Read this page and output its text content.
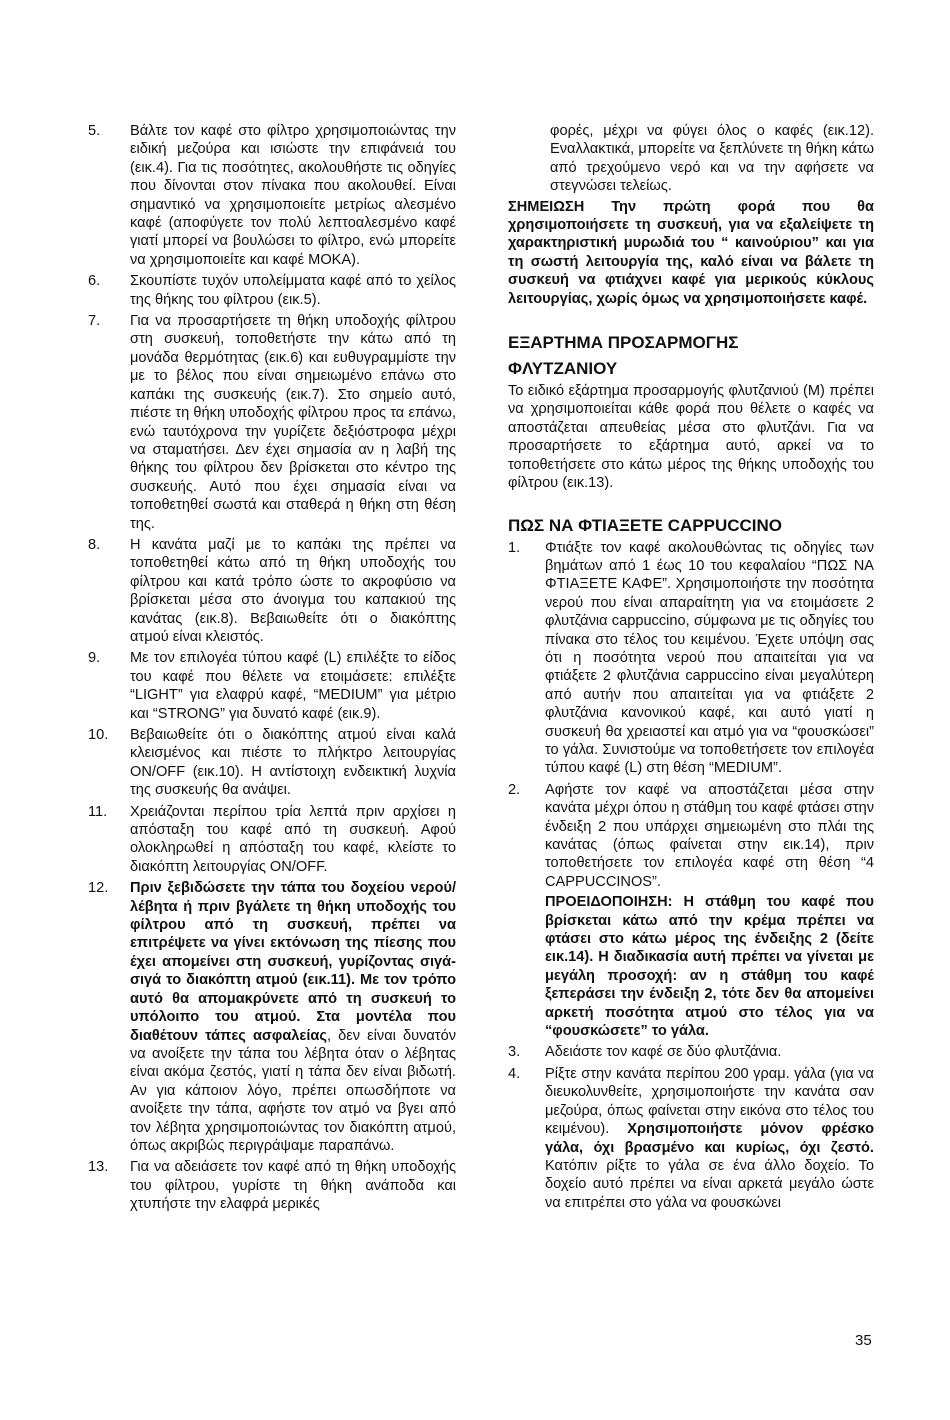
5. Βάλτε τον καφέ στο φίλτρο χρησιμοποιώντας την ειδική μεζούρα και ισιώστε την επιφάνειά του (εικ.4). Για τις ποσότητες, ακολουθήστε τις οδηγίες που δίνονται στον πίνακα που ακολουθεί. Είναι σημαντικό να χρησιμοποιείτε μετρίως αλεσμένο καφέ (αποφύγετε τον πολύ λεπτοαλεσμένο καφέ γιατί μπορεί να βουλώσει το φίλτρο, ενώ μπορείτε να χρησιμοποιείτε και καφέ MOKA).
6. Σκουπίστε τυχόν υπολείμματα καφέ από το χείλος της θήκης του φίλτρου (εικ.5).
7. Για να προσαρτήσετε τη θήκη υποδοχής φίλτρου στη συσκευή, τοποθετήστε την κάτω από τη μονάδα θερμότητας (εικ.6) και ευθυγραμμίστε την με το βέλος που είναι σημειωμένο επάνω στο καπάκι της συσκευής (εικ.7). Στο σημείο αυτό, πιέστε τη θήκη υποδοχής φίλτρου προς τα επάνω, ενώ ταυτόχρονα την γυρίζετε δεξιόστροφα μέχρι να σταματήσει. Δεν έχει σημασία αν η λαβή της θήκης του φίλτρου δεν βρίσκεται στο κέντρο της συσκευής. Αυτό που έχει σημασία είναι να τοποθετηθεί σωστά και σταθερά η θήκη στη θέση της.
8. Η κανάτα μαζί με το καπάκι της πρέπει να τοποθετηθεί κάτω από τη θήκη υποδοχής του φίλτρου και κατά τρόπο ώστε το ακροφύσιο να βρίσκεται μέσα στο άνοιγμα του καπακιού της κανάτας (εικ.8). Βεβαιωθείτε ότι ο διακόπτης ατμού είναι κλειστός.
9. Με τον επιλογέα τύπου καφέ (L) επιλέξτε το είδος του καφέ που θέλετε να ετοιμάσετε: επιλέξτε “LIGHT” για ελαφρύ καφέ, “MEDIUM” για μέτριο και “STRONG” για δυνατό καφέ (εικ.9).
10. Βεβαιωθείτε ότι ο διακόπτης ατμού είναι καλά κλεισμένος και πιέστε το πλήκτρο λειτουργίας ON/OFF (εικ.10). Η αντίστοιχη ενδεικτική λυχνία της συσκευής θα ανάψει.
11. Χρειάζονται περίπου τρία λεπτά πριν αρχίσει η απόσταξη του καφέ από τη συσκευή. Αφού ολοκληρωθεί η απόσταξη του καφέ, κλείστε το διακόπτη λειτουργίας ON/OFF.
12. Πριν ξεβιδώσετε την τάπα του δοχείου νερού/λέβητα ή πριν βγάλετε τη θήκη υποδοχής του φίλτρου από τη συσκευή, πρέπει να επιτρέψετε να γίνει εκτόνωση της πίεσης που έχει απομείνει στη συσκευή, γυρίζοντας σιγά-σιγά το διακόπτη ατμού (εικ.11). Με τον τρόπο αυτό θα απομακρύνετε από τη συσκευή το υπόλοιπο του ατμού. Στα μοντέλα που διαθέτουν τάπες ασφαλείας, δεν είναι δυνατόν να ανοίξετε την τάπα του λέβητα όταν ο λέβητας είναι ακόμα ζεστός, γιατί η τάπα δεν είναι βιδωτή. Αν για κάποιον λόγο, πρέπει οπωσδήποτε να ανοίξετε την τάπα, αφήστε τον ατμό να βγει από τον λέβητα χρησιμοποιώντας τον διακόπτη ατμού, όπως ακριβώς περιγράψαμε παραπάνω.
13. Για να αδειάσετε τον καφέ από τη θήκη υποδοχής του φίλτρου, γυρίστε τη θήκη ανάποδα και χτυπήστε την ελαφρά μερικές

φορές, μέχρι να φύγει όλος ο καφές (εικ.12). Εναλλακτικά, μπορείτε να ξεπλύνετε τη θήκη κάτω από τρεχούμενο νερό και να την αφήσετε να στεγνώσει τελείως.

ΣΗΜΕΙΩΣΗ Την πρώτη φορά που θα χρησιμοποιήσετε τη συσκευή, για να εξαλείψετε τη χαρακτηριστική μυρωδιά του “ καινούριου” και για τη σωστή λειτουργία της, καλό είναι να βάλετε τη συσκευή να φτιάχνει καφέ για μερικούς κύκλους λειτουργίας, χωρίς όμως να χρησιμοποιήσετε καφέ.

ΕΞΑΡΤΗΜΑ ΠΡΟΣΑΡΜΟΓΗΣ
ΦΛΥΤΖΑΝΙΟΥ

Το ειδικό εξάρτημα προσαρμογής φλυτζανιού (M) πρέπει να χρησιμοποιείται κάθε φορά που θέλετε ο καφές να αποστάζεται απευθείας μέσα στο φλυτζάνι. Για να προσαρτήσετε το εξάρτημα αυτό, αρκεί να το τοποθετήσετε στο κάτω μέρος της θήκης υποδοχής του φίλτρου (εικ.13).

ΠΩΣ ΝΑ ΦΤΙΑΞΕΤΕ CAPPUCCINO
1. Φτιάξτε τον καφέ ακολουθώντας τις οδηγίες των βημάτων από 1 έως 10 του κεφαλαίου “ΠΩΣ ΝΑ ΦΤΙΑΞΕΤΕ ΚΑΦΕ”. Χρησιμοποιήστε την ποσότητα νερού που είναι απαραίτητη για να ετοιμάσετε 2 φλυτζάνια cappuccino, σύμφωνα με τις οδηγίες του πίνακα στο τέλος του κειμένου. Έχετε υπόψη σας ότι η ποσότητα νερού που απαιτείται για να φτιάξετε 2 φλυτζάνια cappuccino είναι μεγαλύτερη από αυτήν που απαιτείται για να φτιάξετε 2 φλυτζάνια κανονικού καφέ, και αυτό γιατί η συσκευή θα χρειαστεί και ατμό για να “φουσκώσει” το γάλα. Συνιστούμε να τοποθετήσετε τον επιλογέα τύπου καφέ (L) στη θέση “MEDIUM”.
2. Αφήστε τον καφέ να αποστάζεται μέσα στην κανάτα μέχρι όπου η στάθμη του καφέ φτάσει στην ένδειξη 2 που υπάρχει σημειωμένη στο πλάι της κανάτας (όπως φαίνεται στην εικ.14), πριν τοποθετήσετε τον επιλογέα καφέ στη θέση “4 CAPPUCCINOS”.
ΠΡΟΕΙΔΟΠΟΙΗΣΗ: Η στάθμη του καφέ που βρίσκεται κάτω από την κρέμα πρέπει να φτάσει στο κάτω μέρος της ένδειξης 2 (δείτε εικ.14). Η διαδικασία αυτή πρέπει να γίνεται με μεγάλη προσοχή: αν η στάθμη του καφέ ξεπεράσει την ένδειξη 2, τότε δεν θα απομείνει αρκετή ποσότητα ατμού στο τέλος για να “φουσκώσετε” το γάλα.
3. Αδειάστε τον καφέ σε δύο φλυτζάνια.
4. Ρίξτε στην κανάτα περίπου 200 γραμ. γάλα (για να διευκολυνθείτε, χρησιμοποιήστε την κανάτα σαν μεζούρα, όπως φαίνεται στην εικόνα στο τέλος του κειμένου). Χρησιμοποιήστε μόνον φρέσκο γάλα, όχι βρασμένο και κυρίως, όχι ζεστό. Κατόπιν ρίξτε το γάλα σε ένα άλλο δοχείο. Το δοχείο αυτό πρέπει να είναι αρκετά μεγάλο ώστε να επιτρέπει στο γάλα να φουσκώνει
35
